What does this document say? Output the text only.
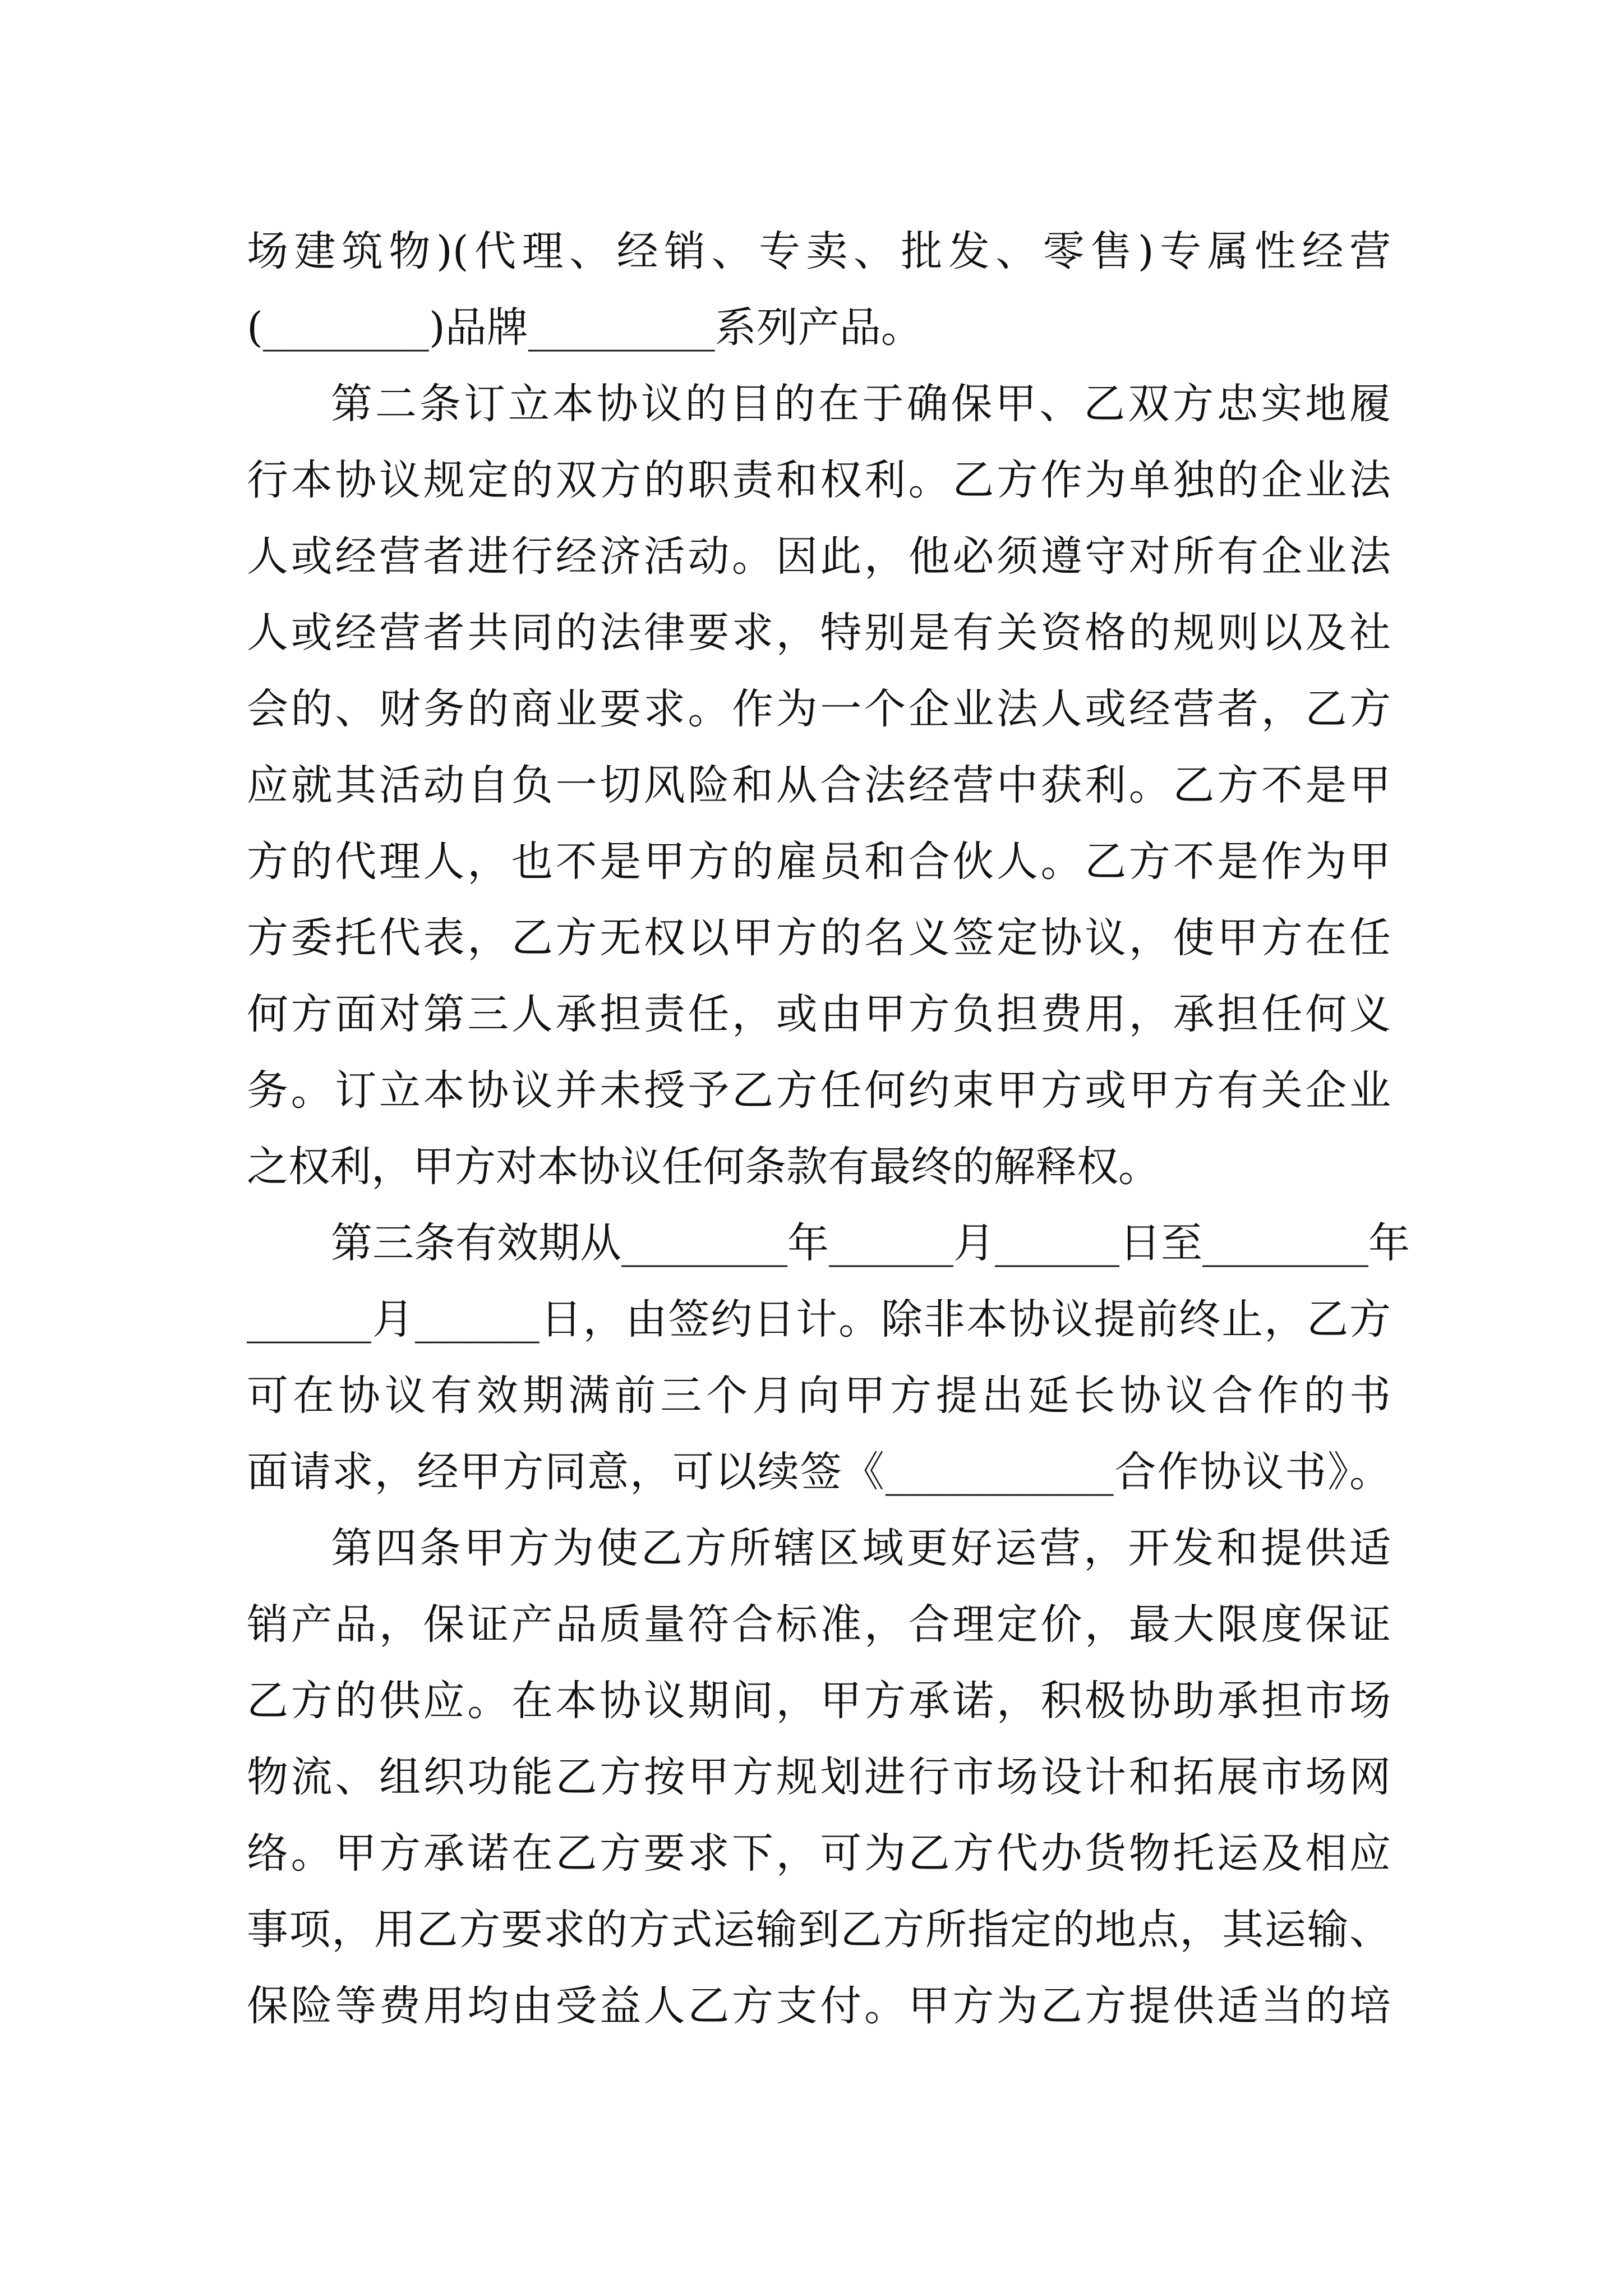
场建筑物)(代理、经销、专卖、批发、零售)专属性经营
(________)品牌_________系列产品。
第二条订立本协议的目的在于确保甲、乙双方忠实地履
行本协议规定的双方的职责和权利。乙方作为单独的企业法
人或经营者进行经济活动。因此，他必须遵守对所有企业法
人或经营者共同的法律要求，特别是有关资格的规则以及社
会的、财务的商业要求。作为一个企业法人或经营者，乙方
应就其活动自负一切风险和从合法经营中获利。乙方不是甲
方的代理人，也不是甲方的雇员和合伙人。乙方不是作为甲
方委托代表，乙方无权以甲方的名义签定协议，使甲方在任
何方面对第三人承担责任，或由甲方负担费用，承担任何义
务。订立本协议并未授予乙方任何约束甲方或甲方有关企业
之权利，甲方对本协议任何条款有最终的解释权。
第三条有效期从________年______月______日至________年
______月______日，由签约日计。除非本协议提前终止，乙方
可在协议有效期满前三个月向甲方提出延长协议合作的书
面请求，经甲方同意，可以续签《___________合作协议书》。
第四条甲方为使乙方所辖区域更好运营，开发和提供适
销产品，保证产品质量符合标准，合理定价，最大限度保证
乙方的供应。在本协议期间，甲方承诺，积极协助承担市场
物流、组织功能乙方按甲方规划进行市场设计和拓展市场网
络。甲方承诺在乙方要求下，可为乙方代办货物托运及相应
事项，用乙方要求的方式运输到乙方所指定的地点，其运输、
保险等费用均由受益人乙方支付。甲方为乙方提供适当的培
